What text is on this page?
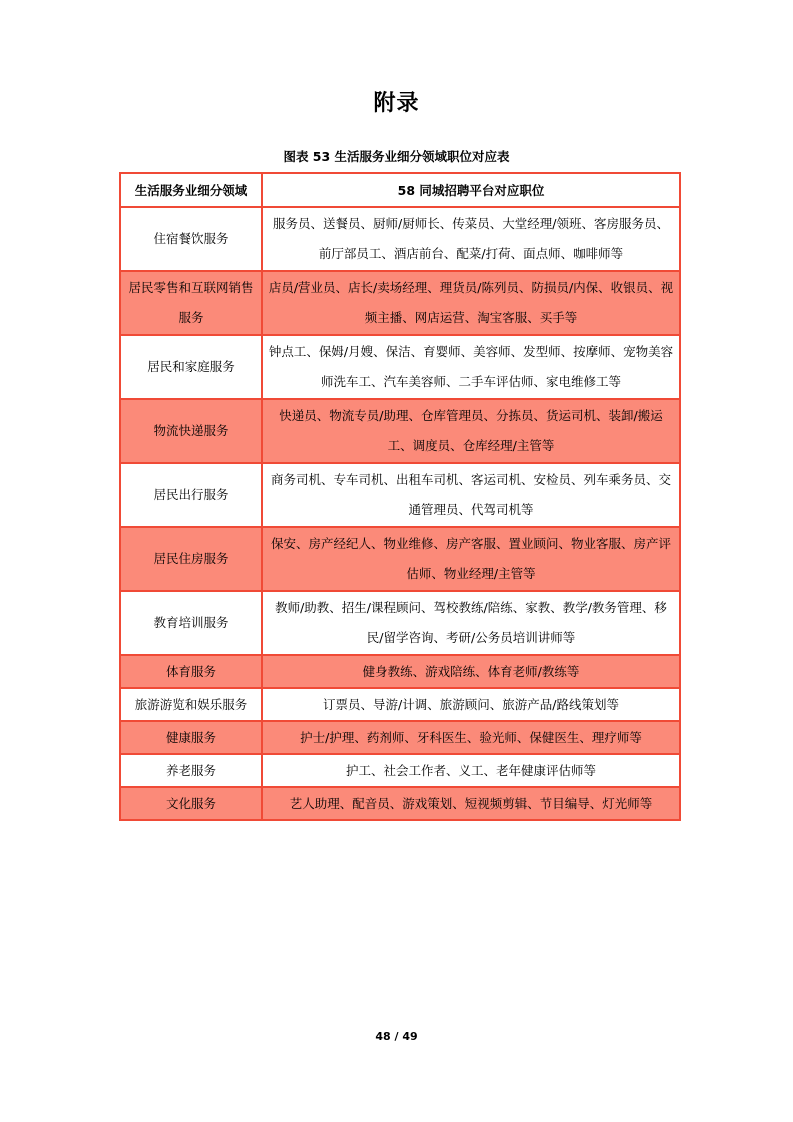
附录
图表 53 生活服务业细分领域职位对应表
生活服务业细分领域	58 同城招聘平台对应职位
住宿餐饮服务	服务员、送餐员、厨师/厨师长、传菜员、大堂经理/领班、客房服务员、前厅部员工、酒店前台、配菜/打荷、面点师、咖啡师等
居民零售和互联网销售服务	店员/营业员、店长/卖场经理、理货员/陈列员、防损员/内保、收银员、视频主播、网店运营、淘宝客服、买手等
居民和家庭服务	钟点工、保姆/月嫂、保洁、育婴师、美容师、发型师、按摩师、宠物美容师洗车工、汽车美容师、二手车评估师、家电维修工等
物流快递服务	快递员、物流专员/助理、仓库管理员、分拣员、货运司机、装卸/搬运工、调度员、仓库经理/主管等
居民出行服务	商务司机、专车司机、出租车司机、客运司机、安检员、列车乘务员、交通管理员、代驾司机等
居民住房服务	保安、房产经纪人、物业维修、房产客服、置业顾问、物业客服、房产评估师、物业经理/主管等
教育培训服务	教师/助教、招生/课程顾问、驾校教练/陪练、家教、教学/教务管理、移民/留学咨询、考研/公务员培训讲师等
体育服务	健身教练、游戏陪练、体育老师/教练等
旅游游览和娱乐服务	订票员、导游/计调、旅游顾问、旅游产品/路线策划等
健康服务	护士/护理、药剂师、牙科医生、验光师、保健医生、理疗师等
养老服务	护工、社会工作者、义工、老年健康评估师等
文化服务	艺人助理、配音员、游戏策划、短视频剪辑、节目编导、灯光师等
48 / 49
